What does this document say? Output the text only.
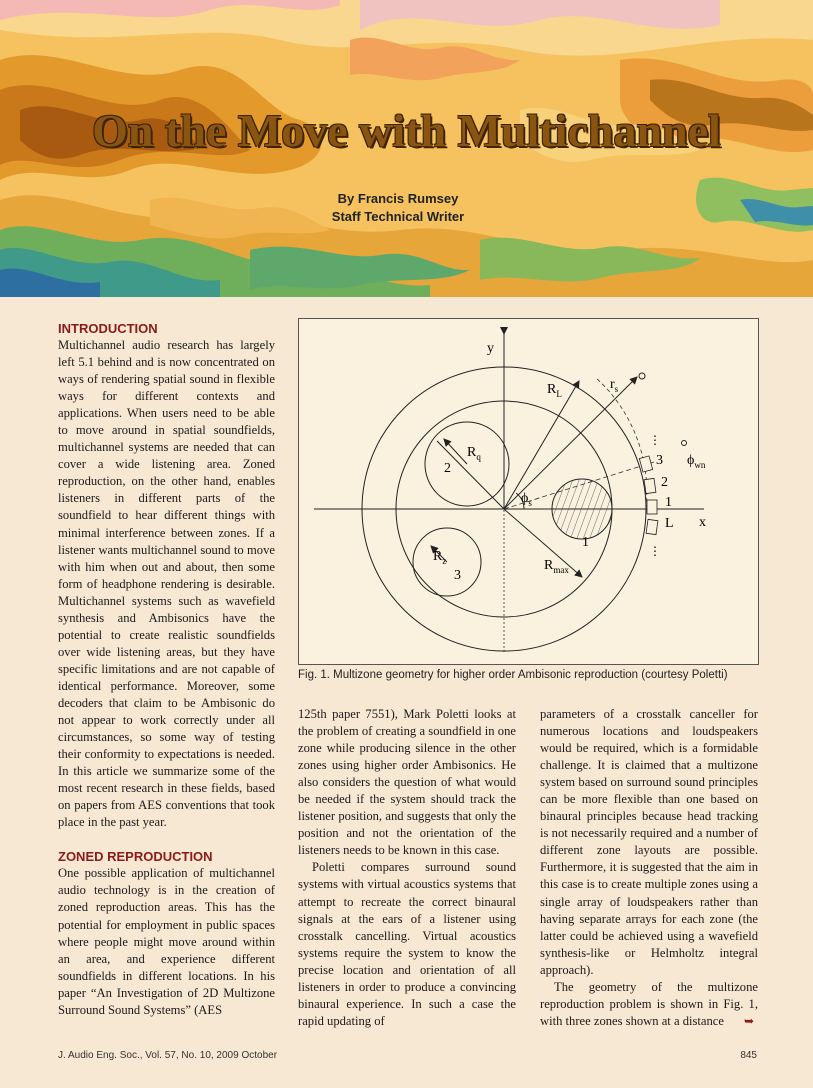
On the Move with Multichannel
By Francis Rumsey
Staff Technical Writer
INTRODUCTION

Multichannel audio research has largely left 5.1 behind and is now concentrated on ways of rendering spatial sound in flexible ways for different contexts and applications. When users need to be able to move around in spatial soundfields, multichannel systems are needed that can cover a wide listening area. Zoned reproduction, on the other hand, enables listeners in different parts of the soundfield to hear different things with minimal interference between zones. If a listener wants multichannel sound to move with him when out and about, then some form of headphone rendering is desirable. Multichannel systems such as wavefield synthesis and Ambisonics have the potential to create realistic soundfields over wide listening areas, but they have specific limitations and are not capable of identical performance. Moreover, some decoders that claim to be Ambisonic do not appear to work correctly under all circumstances, so some way of testing their conformity to expectations is needed. In this article we summarize some of the most recent research in these fields, based on papers from AES conventions that took place in the past year.

ZONED REPRODUCTION

One possible application of multichannel audio technology is in the creation of zoned reproduction areas. This has the potential for employment in public spaces where people might move around within an area, and experience different soundfields in different locations. In his paper “An Investigation of 2D Multizone Surround Sound Systems” (AES

⋮
⋮
y
x
$R_L$
$r_s$
$R_q$
$R_z$	$R_{max}$
$\phi_s$
$\phi_{wn}$
2
3
1
3
2
1
L
Fig. 1. Multizone geometry for higher order Ambisonic reproduction (courtesy Poletti)

125th paper 7551), Mark Poletti looks at the problem of creating a soundfield in one zone while producing silence in the other zones using higher order Ambisonics. He also considers the question of what would be needed if the system should track the listener position, and suggests that only the position and not the orientation of the listeners needs to be known in this case.

Poletti compares surround sound systems with virtual acoustics systems that attempt to recreate the correct binaural signals at the ears of a listener using crosstalk cancelling. Virtual acoustics systems require the system to know the precise location and orientation of all listeners in order to produce a convincing binaural experience. In such a case the rapid updating of

parameters of a crosstalk canceller for numerous locations and loudspeakers would be required, which is a formidable challenge. It is claimed that a multizone system based on surround sound principles can be more flexible than one based on binaural principles because head tracking is not necessarily required and a number of different zone layouts are possible. Furthermore, it is suggested that the aim in this case is to create multiple zones using a single array of loudspeakers rather than having separate arrays for each zone (the latter could be achieved using a wavefield synthesis-like or Helmholtz integral approach).

The geometry of the multizone reproduction problem is shown in Fig. 1, with three zones shown at a distance ➥

J. Audio Eng. Soc., Vol. 57, No. 10, 2009 October	845
